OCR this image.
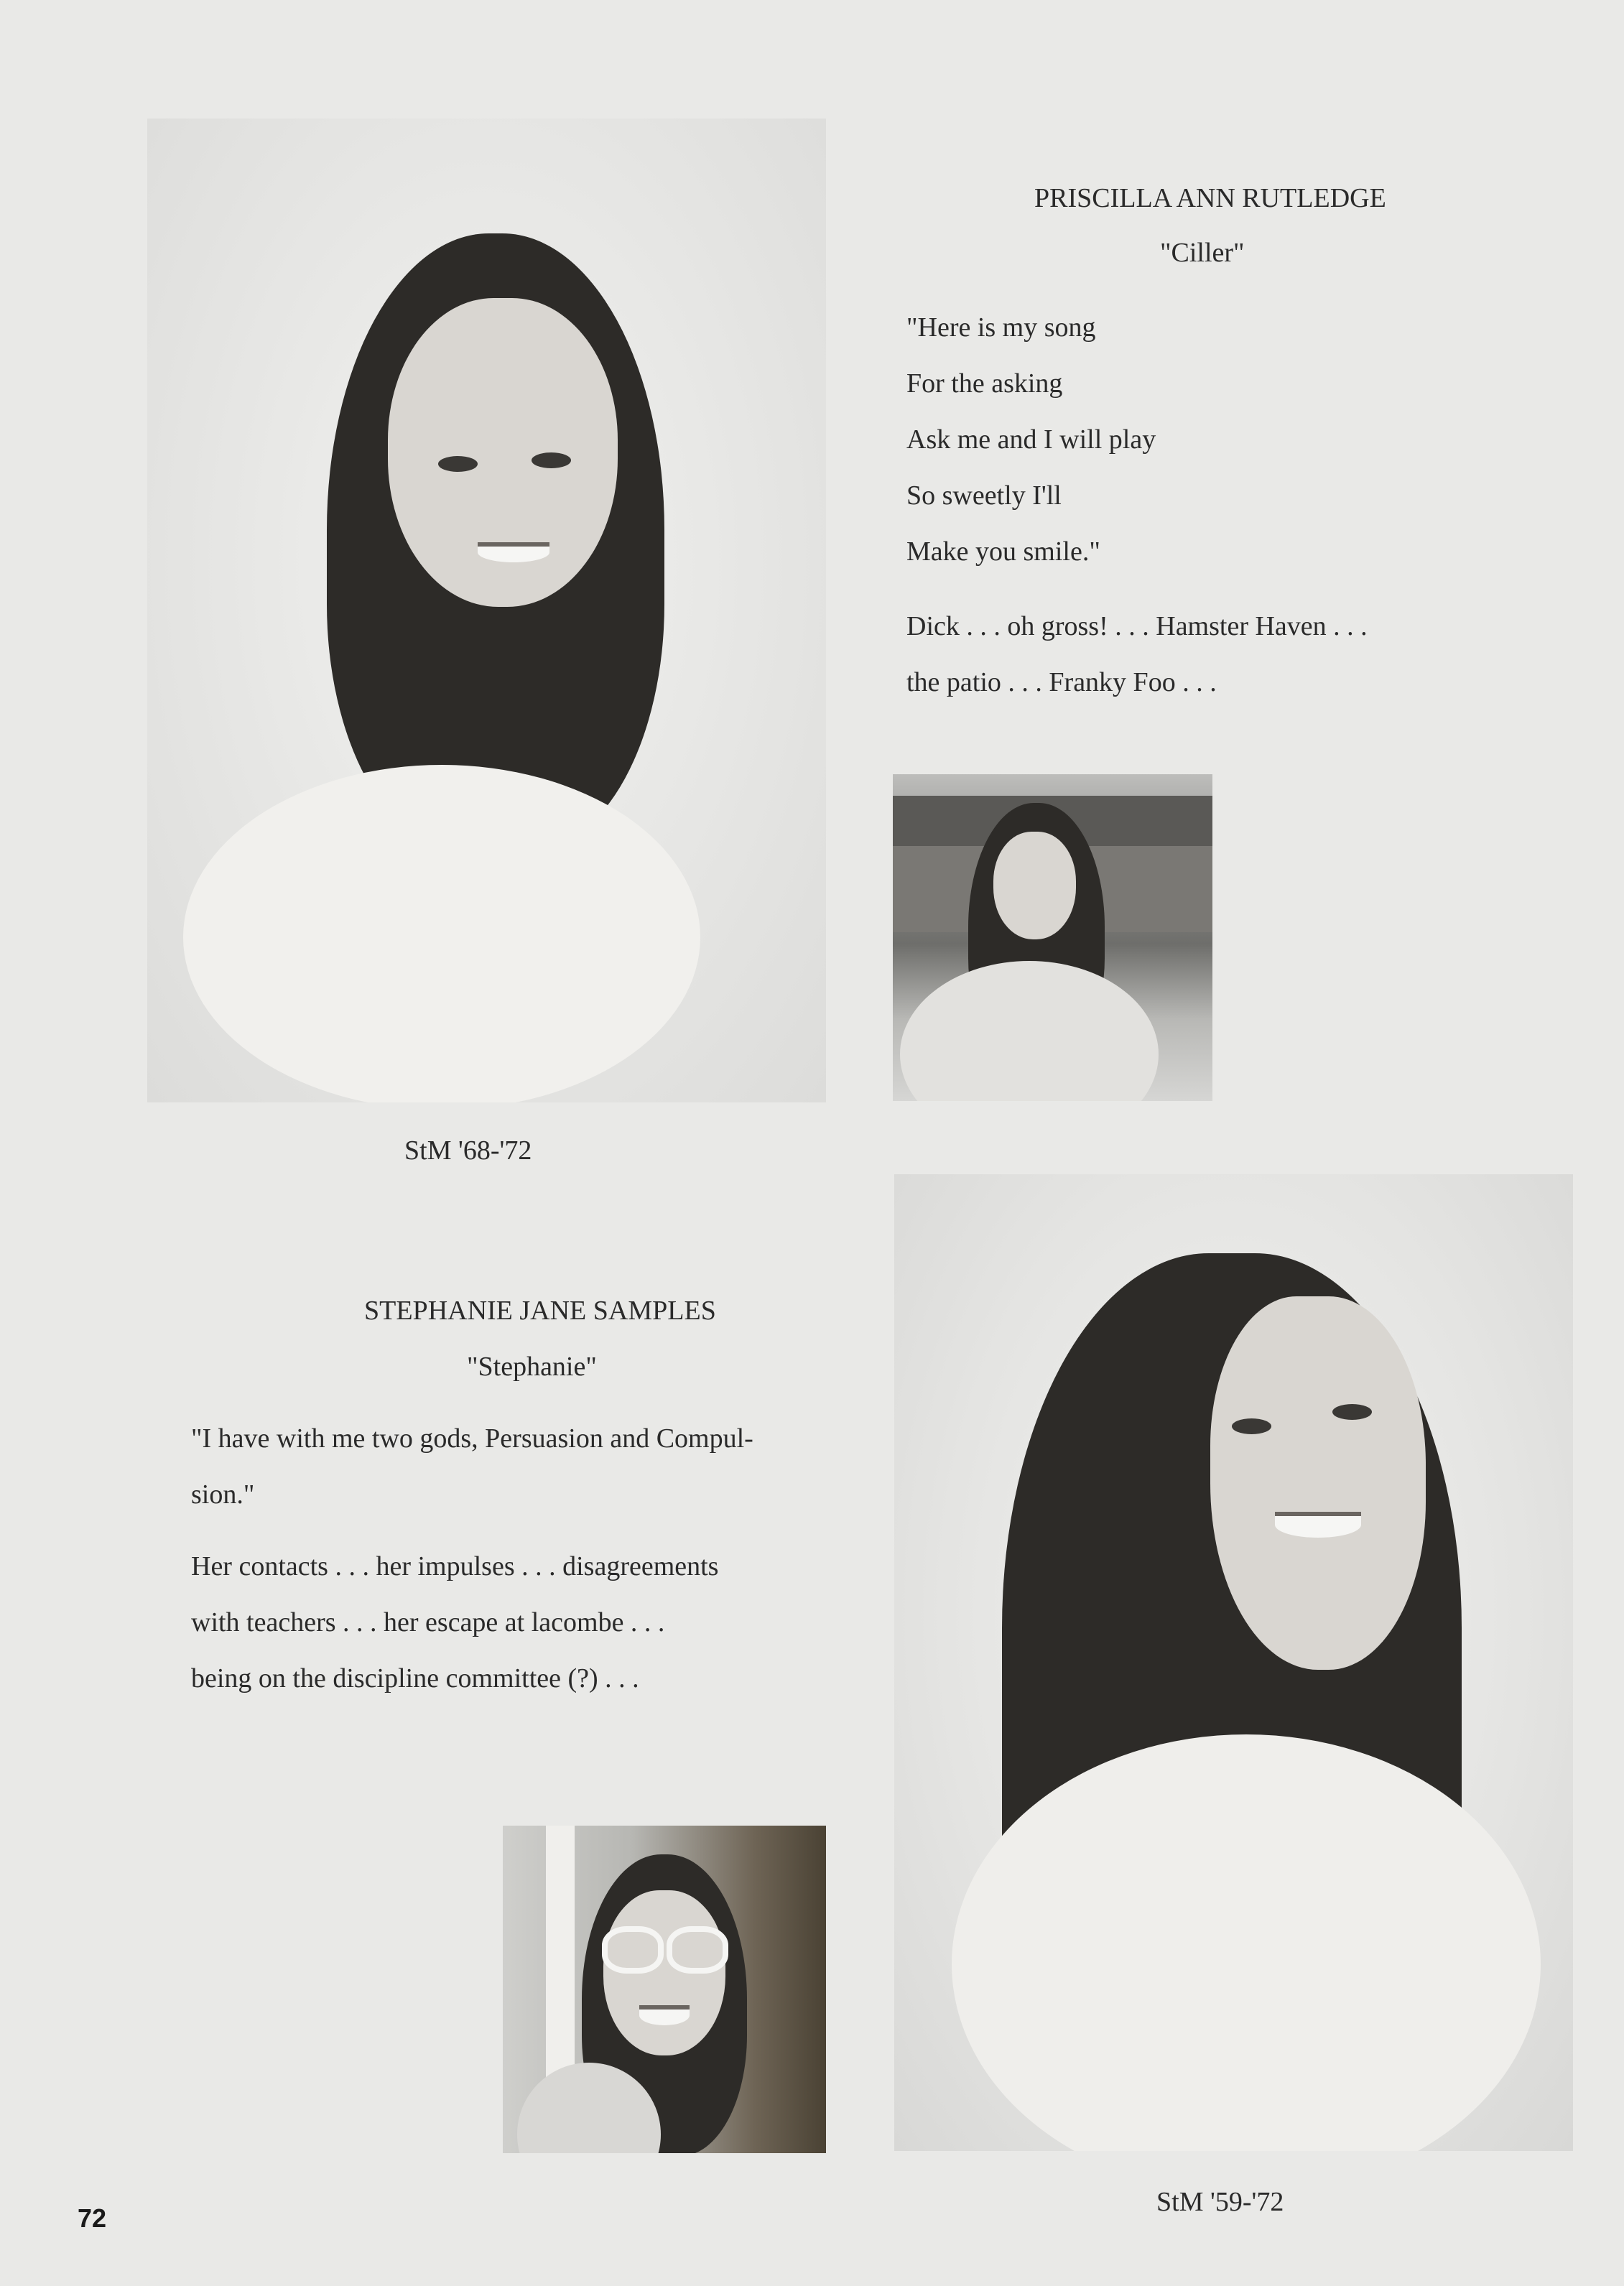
PRISCILLA ANN RUTLEDGE
"Ciller"
"Here is my song
For the asking
Ask me and I will play
So sweetly I'll
Make you smile."
Dick . . . oh gross! . . . Hamster Haven . . .
the patio . . . Franky Foo . . .
StM '68-'72
STEPHANIE JANE SAMPLES
"Stephanie"
"I have with me two gods, Persuasion and Compul-
sion."
Her contacts . . . her impulses . . . disagreements
with teachers . . . her escape at lacombe . . .
being on the discipline committee (?) . . .
StM '59-'72
72
